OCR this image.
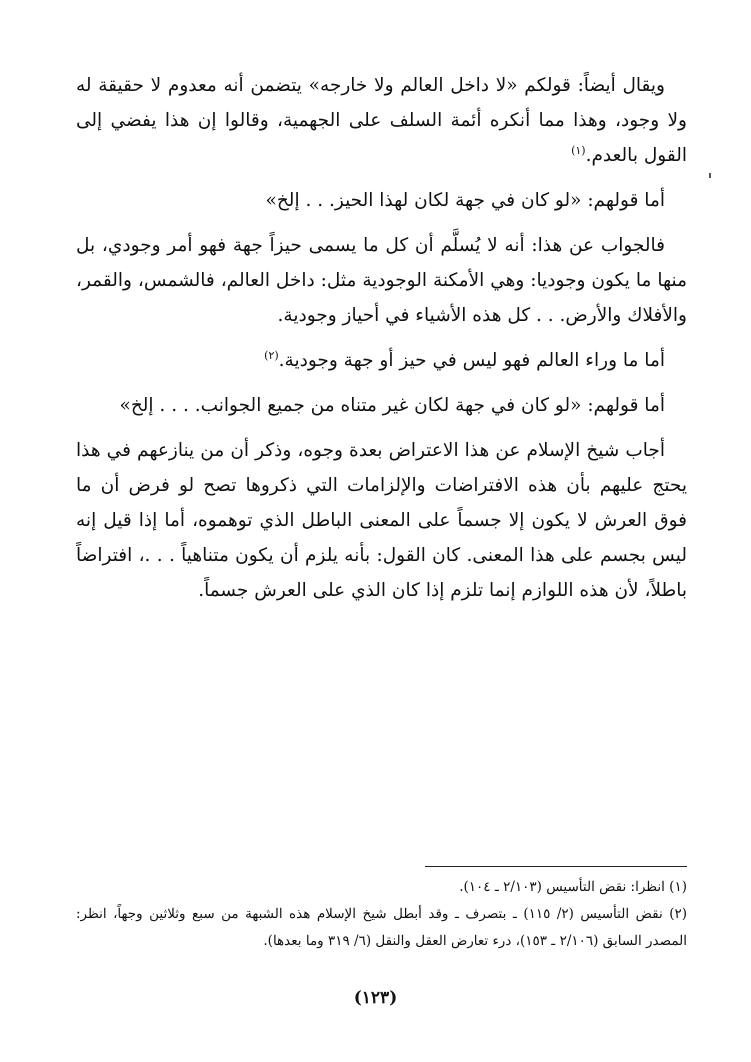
ويقال أيضاً: قولكم «لا داخل العالم ولا خارجه» يتضمن أنه معدوم لا حقيقة له ولا وجود، وهذا مما أنكره أئمة السلف على الجهمية، وقالوا إن هذا يفضي إلى القول بالعدم.$^{(١)}$

أما قولهم: «لو كان في جهة لكان لهذا الحيز. . . إلخ»

فالجواب عن هذا: أنه لا يُسلَّم أن كل ما يسمى حيزاً جهة فهو أمر وجودي، بل منها ما يكون وجوديا: وهي الأمكنة الوجودية مثل: داخل العالم، فالشمس، والقمر، والأفلاك والأرض. . . كل هذه الأشياء في أحياز وجودية.

أما ما وراء العالم فهو ليس في حيز أو جهة وجودية.$^{(٢)}$

أما قولهم: «لو كان في جهة لكان غير متناه من جميع الجوانب. . . . إلخ»

أجاب شيخ الإسلام عن هذا الاعتراض بعدة وجوه، وذكر أن من ينازعهم في هذا يحتج عليهم بأن هذه الافتراضات والإلزامات التي ذكروها تصح لو فرض أن ما فوق العرش لا يكون إلا جسماً على المعنى الباطل الذي توهموه، أما إذا قيل إنه ليس بجسم على هذا المعنى. كان القول: بأنه يلزم أن يكون متناهياً . . .، افتراضاً باطلاً، لأن هذه اللوازم إنما تلزم إذا كان الذي على العرش جسماً.

(١) انظرا: نقض التأسيس (٢/١٠٣ ـ ١٠٤).

(٢) نقض التأسيس (٢/ ١١٥) ـ بتصرف ـ وقد أبطل شيخ الإسلام هذه الشبهة من سبع وثلاثين وجهاً، انظر: المصدر السابق (٢/١٠٦ ـ ١٥٣)، درء تعارض العقل والنقل (٦/ ٣١٩ وما بعدها).

(١٢٣)
